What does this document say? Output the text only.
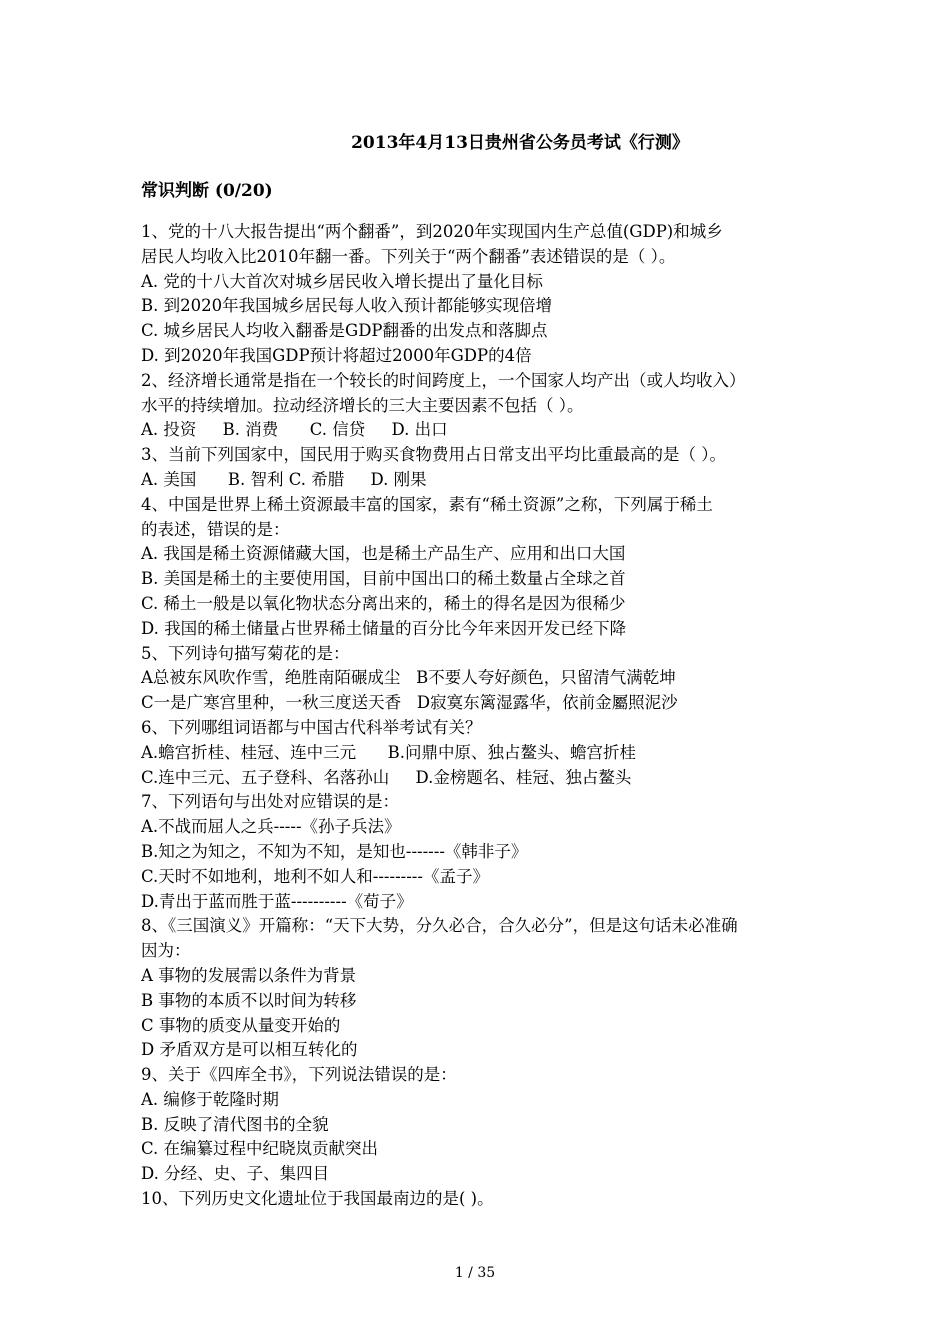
2013年4月13日贵州省公务员考试《行测》
常识判断 (0/20)
1、党的十八大报告提出“两个翻番”，到2020年实现国内生产总值(GDP)和城乡
居民人均收入比2010年翻一番。下列关于“两个翻番”表述错误的是（ ）。
A. 党的十八大首次对城乡居民收入增长提出了量化目标
B. 到2020年我国城乡居民每人收入预计都能够实现倍增
C. 城乡居民人均收入翻番是GDP翻番的出发点和落脚点
D. 到2020年我国GDP预计将超过2000年GDP的4倍
2、经济增长通常是指在一个较长的时间跨度上，一个国家人均产出（或人均收入）
水平的持续增加。拉动经济增长的三大主要因素不包括（ ）。
A. 投资     B. 消费      C. 信贷     D. 出口
3、当前下列国家中，国民用于购买食物费用占日常支出平均比重最高的是（ ）。
A. 美国      B. 智利 C. 希腊     D. 刚果
4、中国是世界上稀土资源最丰富的国家，素有“稀土资源”之称，下列属于稀土
的表述，错误的是：
A. 我国是稀土资源储藏大国，也是稀土产品生产、应用和出口大国
B. 美国是稀土的主要使用国，目前中国出口的稀土数量占全球之首
C. 稀土一般是以氧化物状态分离出来的，稀土的得名是因为很稀少
D. 我国的稀土储量占世界稀土储量的百分比今年来因开发已经下降
5、下列诗句描写菊花的是：
A总被东风吹作雪，绝胜南陌碾成尘   B不要人夸好颜色，只留清气满乾坤
C一是广寒宫里种，一秋三度送天香   D寂寞东篱湿露华，依前金屬照泥沙
6、下列哪组词语都与中国古代科举考试有关？
A.蟾宫折桂、桂冠、连中三元      B.问鼎中原、独占鳌头、蟾宫折桂
C.连中三元、五子登科、名落孙山     D.金榜题名、桂冠、独占鳌头
7、下列语句与出处对应错误的是：
A.不战而屈人之兵-----《孙子兵法》
B.知之为知之，不知为不知，是知也-------《韩非子》
C.天时不如地利，地利不如人和---------《孟子》
D.青出于蓝而胜于蓝----------《荀子》
8、《三国演义》开篇称：“天下大势，分久必合，合久必分”，但是这句话未必准确
因为：
A 事物的发展需以条件为背景
B 事物的本质不以时间为转移
C 事物的质变从量变开始的
D 矛盾双方是可以相互转化的
9、关于《四库全书》，下列说法错误的是：
A. 编修于乾隆时期
B. 反映了清代图书的全貌
C. 在编纂过程中纪晓岚贡献突出
D. 分经、史、子、集四目
10、下列历史文化遗址位于我国最南边的是( )。
1 / 35
